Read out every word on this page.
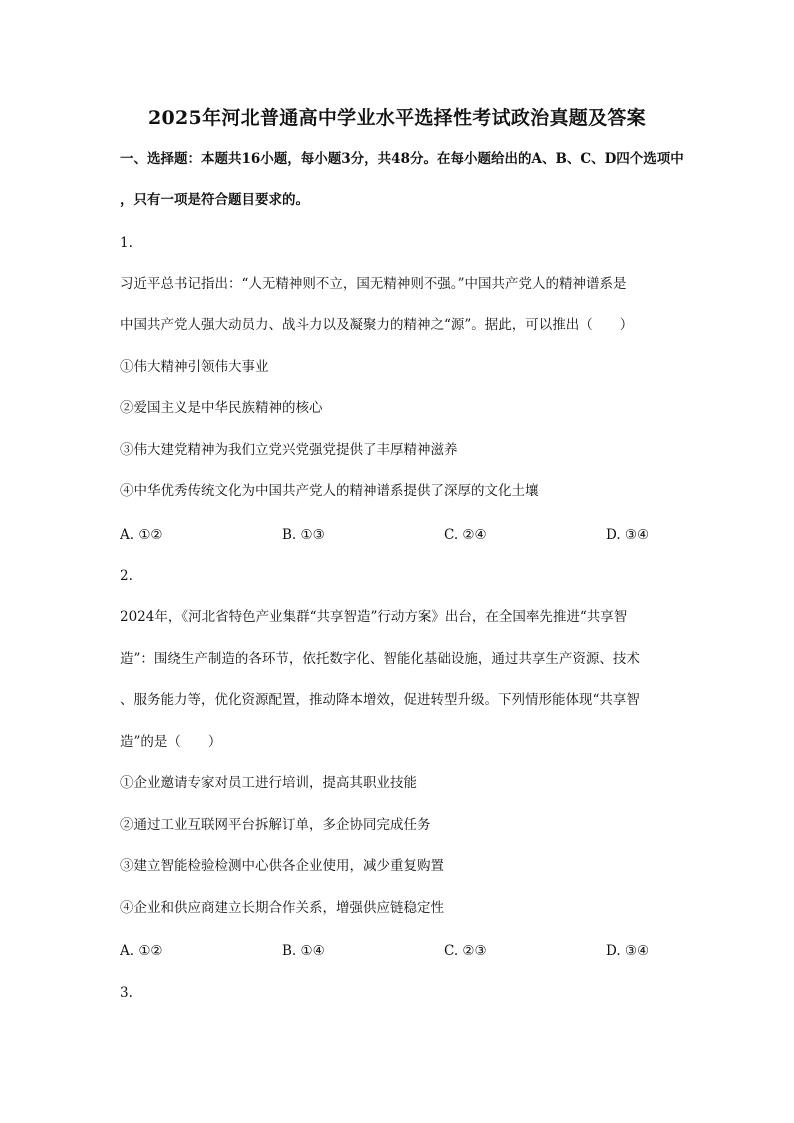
2025年河北普通高中学业水平选择性考试政治真题及答案
一、选择题：本题共16小题，每小题3分，共48分。在每小题给出的A、B、C、D四个选项中
，只有一项是符合题目要求的。
1.
习近平总书记指出：“人无精神则不立，国无精神则不强。”中国共产党人的精神谱系是
中国共产党人强大动员力、战斗力以及凝聚力的精神之“源”。据此，可以推出（　　）
①伟大精神引领伟大事业
②爱国主义是中华民族精神的核心
③伟大建党精神为我们立党兴党强党提供了丰厚精神滋养
④中华优秀传统文化为中国共产党人的精神谱系提供了深厚的文化土壤
A. ①②	B. ①③	C. ②④	D. ③④
2.
2024年，《河北省特色产业集群“共享智造”行动方案》出台，在全国率先推进“共享智
造”：围绕生产制造的各环节，依托数字化、智能化基础设施，通过共享生产资源、技术
、服务能力等，优化资源配置，推动降本增效，促进转型升级。下列情形能体现“共享智
造”的是（　　）
①企业邀请专家对员工进行培训，提高其职业技能
②通过工业互联网平台拆解订单，多企协同完成任务
③建立智能检验检测中心供各企业使用，减少重复购置
④企业和供应商建立长期合作关系，增强供应链稳定性
A. ①②	B. ①④	C. ②③	D. ③④
3.
